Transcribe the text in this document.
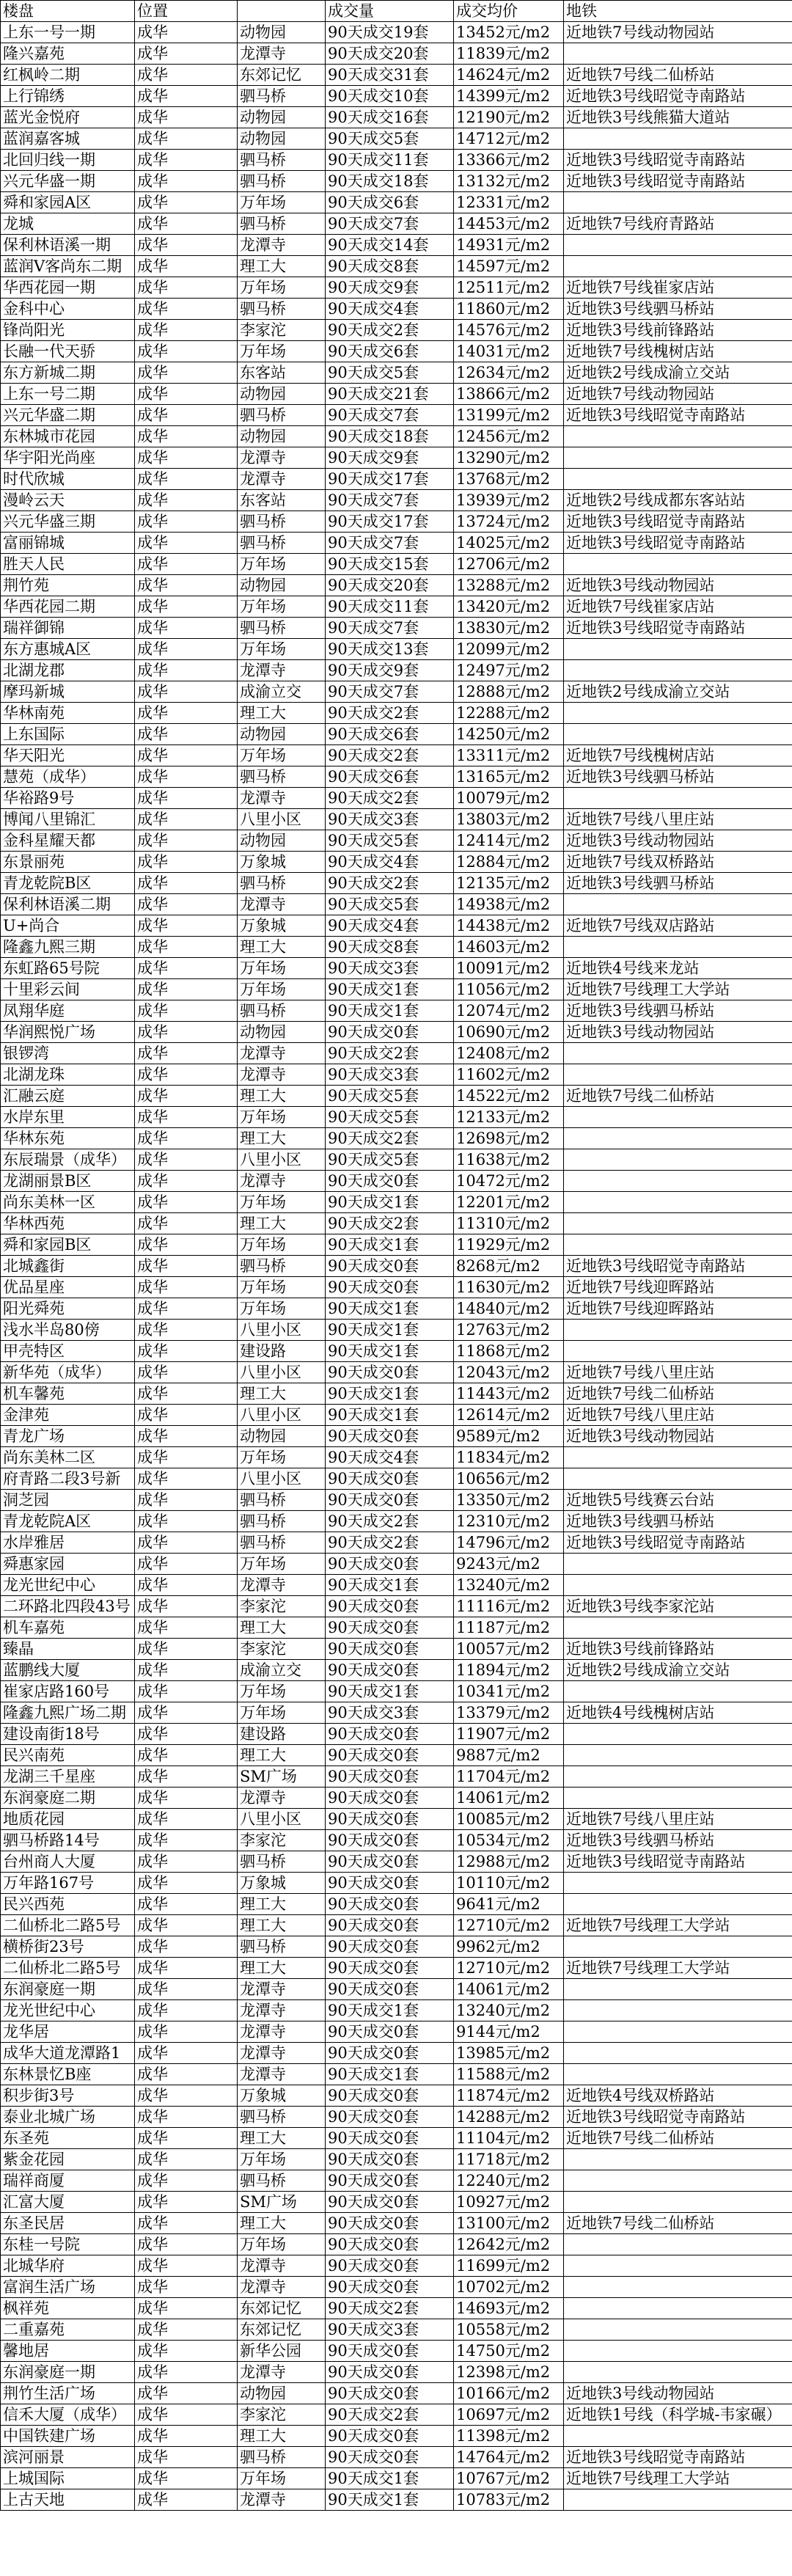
楼盘	位置		成交量	成交均价	地铁
上东一号一期	成华	动物园	90天成交19套	13452元/m2	近地铁7号线动物园站
隆兴嘉苑	成华	龙潭寺	90天成交20套	11839元/m2	
红枫岭二期	成华	东郊记忆	90天成交31套	14624元/m2	近地铁7号线二仙桥站
上行锦绣	成华	驷马桥	90天成交10套	14399元/m2	近地铁3号线昭觉寺南路站
蓝光金悦府	成华	动物园	90天成交16套	12190元/m2	近地铁3号线熊猫大道站
蓝润嘉客城	成华	动物园	90天成交5套	14712元/m2	
北回归线一期	成华	驷马桥	90天成交11套	13366元/m2	近地铁3号线昭觉寺南路站
兴元华盛一期	成华	驷马桥	90天成交18套	13132元/m2	近地铁3号线昭觉寺南路站
舜和家园A区	成华	万年场	90天成交6套	12331元/m2	
龙城	成华	驷马桥	90天成交7套	14453元/m2	近地铁7号线府青路站
保利林语溪一期	成华	龙潭寺	90天成交14套	14931元/m2	
蓝润V客尚东二期	成华	理工大	90天成交8套	14597元/m2	
华西花园一期	成华	万年场	90天成交9套	12511元/m2	近地铁7号线崔家店站
金科中心	成华	驷马桥	90天成交4套	11860元/m2	近地铁3号线驷马桥站
锋尚阳光	成华	李家沱	90天成交2套	14576元/m2	近地铁3号线前锋路站
长融一代天骄	成华	万年场	90天成交6套	14031元/m2	近地铁7号线槐树店站
东方新城二期	成华	东客站	90天成交5套	12634元/m2	近地铁2号线成渝立交站
上东一号二期	成华	动物园	90天成交21套	13866元/m2	近地铁7号线动物园站
兴元华盛二期	成华	驷马桥	90天成交7套	13199元/m2	近地铁3号线昭觉寺南路站
东林城市花园	成华	动物园	90天成交18套	12456元/m2	
华宇阳光尚座	成华	龙潭寺	90天成交9套	13290元/m2	
时代欣城	成华	龙潭寺	90天成交17套	13768元/m2	
漫岭云天	成华	东客站	90天成交7套	13939元/m2	近地铁2号线成都东客站站
兴元华盛三期	成华	驷马桥	90天成交17套	13724元/m2	近地铁3号线昭觉寺南路站
富丽锦城	成华	驷马桥	90天成交7套	14025元/m2	近地铁3号线昭觉寺南路站
胜天人民	成华	万年场	90天成交15套	12706元/m2	
荆竹苑	成华	动物园	90天成交20套	13288元/m2	近地铁3号线动物园站
华西花园二期	成华	万年场	90天成交11套	13420元/m2	近地铁7号线崔家店站
瑞祥御锦	成华	驷马桥	90天成交7套	13830元/m2	近地铁3号线昭觉寺南路站
东方惠城A区	成华	万年场	90天成交13套	12099元/m2	
北湖龙郡	成华	龙潭寺	90天成交9套	12497元/m2	
摩玛新城	成华	成渝立交	90天成交7套	12888元/m2	近地铁2号线成渝立交站
华林南苑	成华	理工大	90天成交2套	12288元/m2	
上东国际	成华	动物园	90天成交6套	14250元/m2	
华天阳光	成华	万年场	90天成交2套	13311元/m2	近地铁7号线槐树店站
慧苑（成华）	成华	驷马桥	90天成交6套	13165元/m2	近地铁3号线驷马桥站
华裕路9号	成华	龙潭寺	90天成交2套	10079元/m2	
博闻八里锦汇	成华	八里小区	90天成交3套	13803元/m2	近地铁7号线八里庄站
金科星耀天都	成华	动物园	90天成交5套	12414元/m2	近地铁3号线动物园站
东景丽苑	成华	万象城	90天成交4套	12884元/m2	近地铁7号线双桥路站
青龙乾院B区	成华	驷马桥	90天成交2套	12135元/m2	近地铁3号线驷马桥站
保利林语溪二期	成华	龙潭寺	90天成交5套	14938元/m2	
U+尚合	成华	万象城	90天成交4套	14438元/m2	近地铁7号线双店路站
隆鑫九熙三期	成华	理工大	90天成交8套	14603元/m2	
东虹路65号院	成华	万年场	90天成交3套	10091元/m2	近地铁4号线来龙站
十里彩云间	成华	万年场	90天成交1套	11056元/m2	近地铁7号线理工大学站
凤翔华庭	成华	驷马桥	90天成交1套	12074元/m2	近地铁3号线驷马桥站
华润熙悦广场	成华	动物园	90天成交0套	10690元/m2	近地铁3号线动物园站
银锣湾	成华	龙潭寺	90天成交2套	12408元/m2	
北湖龙珠	成华	龙潭寺	90天成交3套	11602元/m2	
汇融云庭	成华	理工大	90天成交5套	14522元/m2	近地铁7号线二仙桥站
水岸东里	成华	万年场	90天成交5套	12133元/m2	
华林东苑	成华	理工大	90天成交2套	12698元/m2	
东辰瑞景（成华）	成华	八里小区	90天成交5套	11638元/m2	
龙湖丽景B区	成华	龙潭寺	90天成交0套	10472元/m2	
尚东美林一区	成华	万年场	90天成交1套	12201元/m2	
华林西苑	成华	理工大	90天成交2套	11310元/m2	
舜和家园B区	成华	万年场	90天成交1套	11929元/m2	
北城鑫街	成华	驷马桥	90天成交0套	8268元/m2	近地铁3号线昭觉寺南路站
优品星座	成华	万年场	90天成交0套	11630元/m2	近地铁7号线迎晖路站
阳光舜苑	成华	万年场	90天成交1套	14840元/m2	近地铁7号线迎晖路站
浅水半岛80傍	成华	八里小区	90天成交1套	12763元/m2	
甲壳特区	成华	建设路	90天成交1套	11868元/m2	
新华苑（成华）	成华	八里小区	90天成交0套	12043元/m2	近地铁7号线八里庄站
机车馨苑	成华	理工大	90天成交1套	11443元/m2	近地铁7号线二仙桥站
金津苑	成华	八里小区	90天成交1套	12614元/m2	近地铁7号线八里庄站
青龙广场	成华	动物园	90天成交0套	9589元/m2	近地铁3号线动物园站
尚东美林二区	成华	万年场	90天成交4套	11834元/m2	
府青路二段3号新	成华	八里小区	90天成交0套	10656元/m2	
洞芝园	成华	驷马桥	90天成交0套	13350元/m2	近地铁5号线赛云台站
青龙乾院A区	成华	驷马桥	90天成交2套	12310元/m2	近地铁3号线驷马桥站
水岸雅居	成华	驷马桥	90天成交2套	14796元/m2	近地铁3号线昭觉寺南路站
舜惠家园	成华	万年场	90天成交0套	9243元/m2	
龙光世纪中心	成华	龙潭寺	90天成交1套	13240元/m2	
二环路北四段43号	成华	李家沱	90天成交0套	11116元/m2	近地铁3号线李家沱站
机车嘉苑	成华	理工大	90天成交0套	11187元/m2	
臻晶	成华	李家沱	90天成交0套	10057元/m2	近地铁3号线前锋路站
蓝鹏线大厦	成华	成渝立交	90天成交0套	11894元/m2	近地铁2号线成渝立交站
崔家店路160号	成华	万年场	90天成交1套	10341元/m2	
隆鑫九熙广场二期	成华	万年场	90天成交3套	13379元/m2	近地铁4号线槐树店站
建设南街18号	成华	建设路	90天成交0套	11907元/m2	
民兴南苑	成华	理工大	90天成交0套	9887元/m2	
龙湖三千星座	成华	SM广场	90天成交0套	11704元/m2	
东润豪庭二期	成华	龙潭寺	90天成交0套	14061元/m2	
地质花园	成华	八里小区	90天成交0套	10085元/m2	近地铁7号线八里庄站
驷马桥路14号	成华	李家沱	90天成交0套	10534元/m2	近地铁3号线驷马桥站
台州商人大厦	成华	驷马桥	90天成交0套	12988元/m2	近地铁3号线昭觉寺南路站
万年路167号	成华	万象城	90天成交0套	10110元/m2	
民兴西苑	成华	理工大	90天成交0套	9641元/m2	
二仙桥北二路5号	成华	理工大	90天成交0套	12710元/m2	近地铁7号线理工大学站
横桥街23号	成华	驷马桥	90天成交0套	9962元/m2	
二仙桥北二路5号	成华	理工大	90天成交0套	12710元/m2	近地铁7号线理工大学站
东润豪庭一期	成华	龙潭寺	90天成交0套	14061元/m2	
龙光世纪中心	成华	龙潭寺	90天成交1套	13240元/m2	
龙华居	成华	龙潭寺	90天成交0套	9144元/m2	
成华大道龙潭路1	成华	龙潭寺	90天成交0套	13985元/m2	
东林景忆B座	成华	龙潭寺	90天成交1套	11588元/m2	
积步街3号	成华	万象城	90天成交0套	11874元/m2	近地铁4号线双桥路站
泰业北城广场	成华	驷马桥	90天成交0套	14288元/m2	近地铁3号线昭觉寺南路站
东圣苑	成华	理工大	90天成交0套	11104元/m2	近地铁7号线二仙桥站
紫金花园	成华	万年场	90天成交0套	11718元/m2	
瑞祥商厦	成华	驷马桥	90天成交0套	12240元/m2	
汇富大厦	成华	SM广场	90天成交0套	10927元/m2	
东圣民居	成华	理工大	90天成交0套	13100元/m2	近地铁7号线二仙桥站
东桂一号院	成华	万年场	90天成交0套	12642元/m2	
北城华府	成华	龙潭寺	90天成交0套	11699元/m2	
富润生活广场	成华	龙潭寺	90天成交0套	10702元/m2	
枫祥苑	成华	东郊记忆	90天成交2套	14693元/m2	
二重嘉苑	成华	东郊记忆	90天成交3套	10558元/m2	
馨地居	成华	新华公园	90天成交0套	14750元/m2	
东润豪庭一期	成华	龙潭寺	90天成交0套	12398元/m2	
荆竹生活广场	成华	动物园	90天成交0套	10166元/m2	近地铁3号线动物园站
信禾大厦（成华）	成华	李家沱	90天成交2套	10697元/m2	近地铁1号线（科学城-韦家碾）
中国铁建广场	成华	理工大	90天成交0套	11398元/m2	
滨河丽景	成华	驷马桥	90天成交0套	14764元/m2	近地铁3号线昭觉寺南路站
上城国际	成华	万年场	90天成交1套	10767元/m2	近地铁7号线理工大学站
上古天地	成华	龙潭寺	90天成交1套	10783元/m2	
